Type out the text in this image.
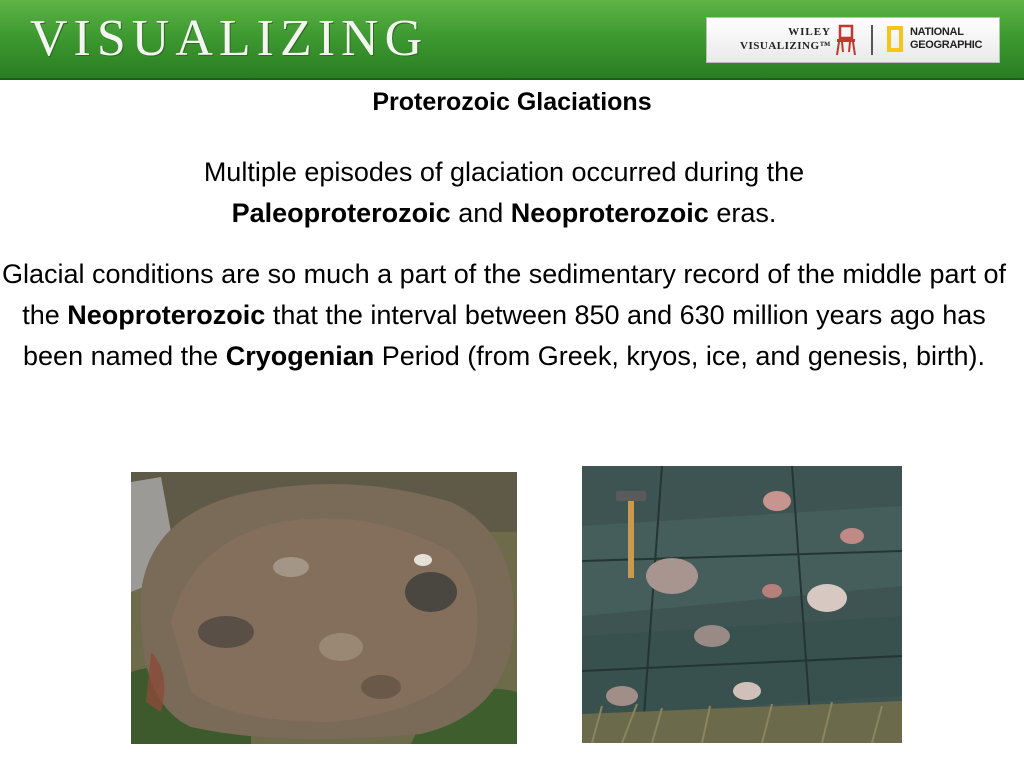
VISUALIZING	WILEY
VISUALIZING™
NATIONAL
GEOGRAPHIC
Proterozoic Glaciations
Multiple episodes of glaciation occurred during the
Paleoproterozoic and Neoproterozoic eras.
Glacial conditions are so much a part of the sedimentary record of the middle part of the Neoproterozoic that the interval between 850 and 630 million years ago has been named the Cryogenian Period (from Greek, kryos, ice, and genesis, birth).
